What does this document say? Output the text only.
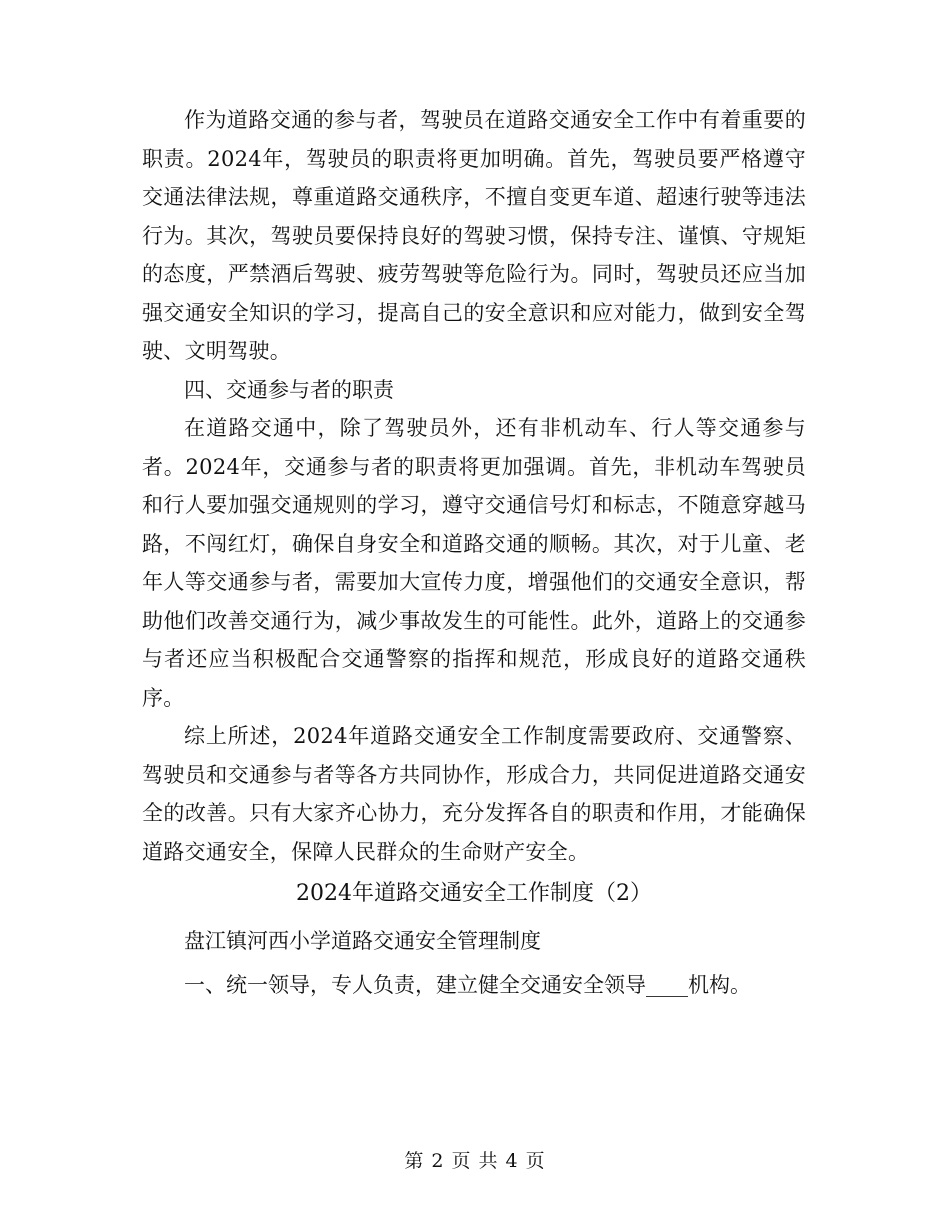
作为道路交通的参与者，驾驶员在道路交通安全工作中有着重要的职责。2024年，驾驶员的职责将更加明确。首先，驾驶员要严格遵守交通法律法规，尊重道路交通秩序，不擅自变更车道、超速行驶等违法行为。其次，驾驶员要保持良好的驾驶习惯，保持专注、谨慎、守规矩的态度，严禁酒后驾驶、疲劳驾驶等危险行为。同时，驾驶员还应当加强交通安全知识的学习，提高自己的安全意识和应对能力，做到安全驾驶、文明驾驶。

四、交通参与者的职责

在道路交通中，除了驾驶员外，还有非机动车、行人等交通参与者。2024年，交通参与者的职责将更加强调。首先，非机动车驾驶员和行人要加强交通规则的学习，遵守交通信号灯和标志，不随意穿越马路，不闯红灯，确保自身安全和道路交通的顺畅。其次，对于儿童、老年人等交通参与者，需要加大宣传力度，增强他们的交通安全意识，帮助他们改善交通行为，减少事故发生的可能性。此外，道路上的交通参与者还应当积极配合交通警察的指挥和规范，形成良好的道路交通秩序。

综上所述，2024年道路交通安全工作制度需要政府、交通警察、驾驶员和交通参与者等各方共同协作，形成合力，共同促进道路交通安全的改善。只有大家齐心协力，充分发挥各自的职责和作用，才能确保道路交通安全，保障人民群众的生命财产安全。

2024年道路交通安全工作制度（2）

盘江镇河西小学道路交通安全管理制度

一、统一领导，专人负责，建立健全交通安全领导____机构。

第 2 页 共 4 页
